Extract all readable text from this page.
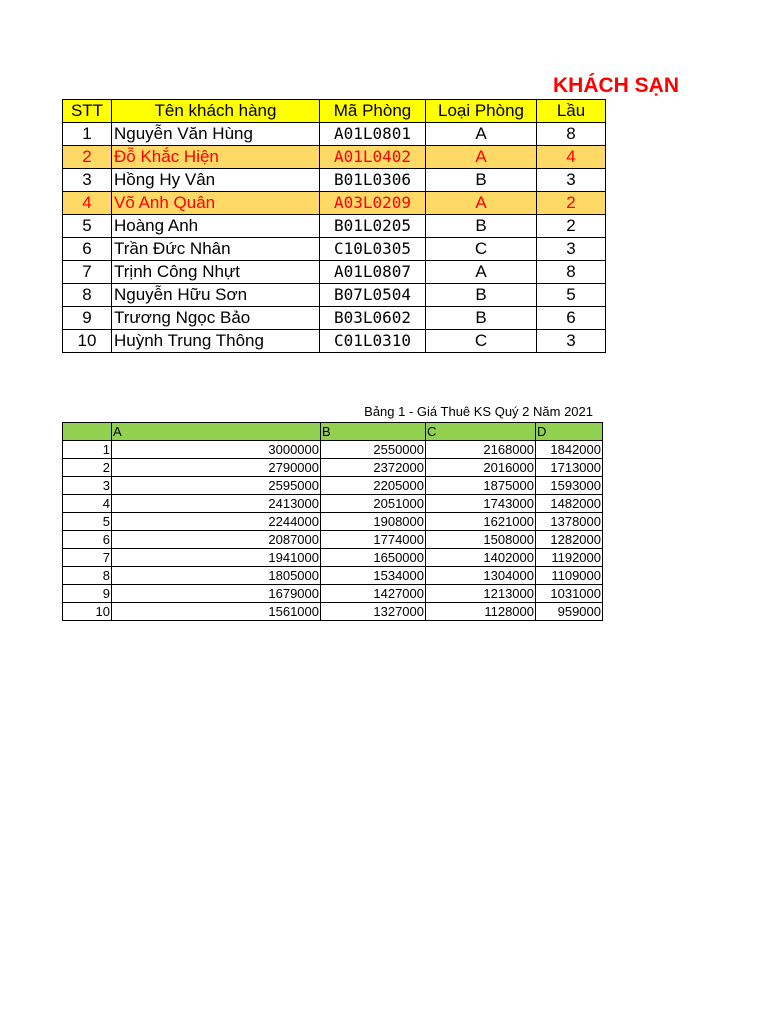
KHÁCH SẠN
STT	Tên khách hàng	Mã Phòng	Loại Phòng	Lầu
1	Nguyễn Văn Hùng	A01L0801	A	8
2	Đỗ Khắc Hiện	A01L0402	A	4
3	Hồng Hy Vân	B01L0306	B	3
4	Võ Anh Quân	A03L0209	A	2
5	Hoàng Anh	B01L0205	B	2
6	Trần Đức Nhân	C10L0305	C	3
7	Trịnh Công Nhựt	A01L0807	A	8
8	Nguyễn Hữu Sơn	B07L0504	B	5
9	Trương Ngọc Bảo	B03L0602	B	6
10	Huỳnh Trung Thông	C01L0310	C	3
Bảng 1 - Giá Thuê KS Quý 2 Năm 2021
	A	B	C	D
1	3000000	2550000	2168000	1842000
2	2790000	2372000	2016000	1713000
3	2595000	2205000	1875000	1593000
4	2413000	2051000	1743000	1482000
5	2244000	1908000	1621000	1378000
6	2087000	1774000	1508000	1282000
7	1941000	1650000	1402000	1192000
8	1805000	1534000	1304000	1109000
9	1679000	1427000	1213000	1031000
10	1561000	1327000	1128000	959000
